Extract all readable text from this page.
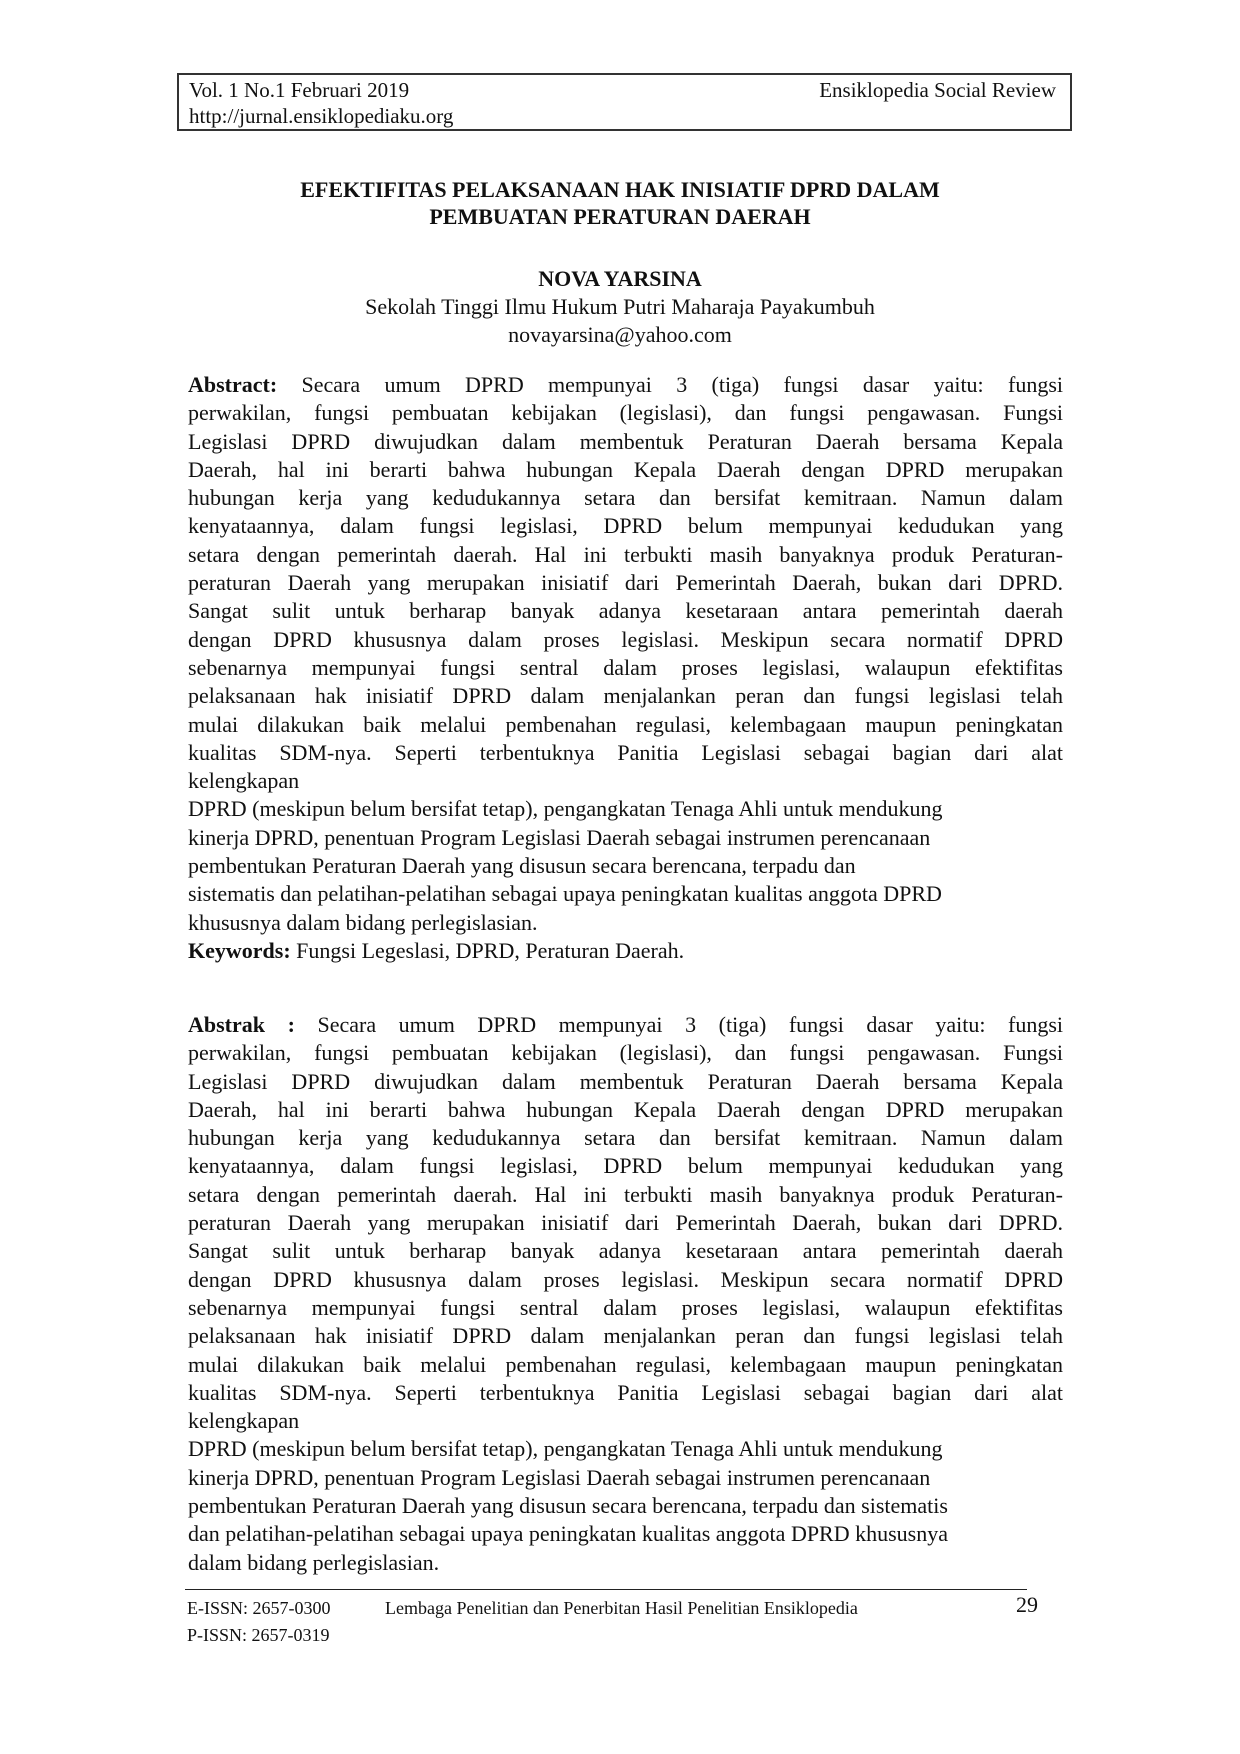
Vol. 1 No.1 Februari 2019
http://jurnal.ensiklopediaku.org
Ensiklopedia Social Review
EFEKTIFITAS PELAKSANAAN HAK INISIATIF DPRD DALAM
PEMBUATAN PERATURAN DAERAH
NOVA YARSINA
Sekolah Tinggi Ilmu Hukum Putri Maharaja Payakumbuh
novayarsina@yahoo.com
Abstract: Secara umum DPRD mempunyai 3 (tiga) fungsi dasar yaitu: fungsi
perwakilan, fungsi pembuatan kebijakan (legislasi), dan fungsi pengawasan. Fungsi
Legislasi DPRD diwujudkan dalam membentuk Peraturan Daerah bersama Kepala
Daerah, hal ini berarti bahwa hubungan Kepala Daerah dengan DPRD merupakan
hubungan kerja yang kedudukannya setara dan bersifat kemitraan. Namun dalam
kenyataannya, dalam fungsi legislasi, DPRD belum mempunyai kedudukan yang
setara dengan pemerintah daerah. Hal ini terbukti masih banyaknya produk Peraturan-
peraturan Daerah yang merupakan inisiatif dari Pemerintah Daerah, bukan dari DPRD.
Sangat sulit untuk berharap banyak adanya kesetaraan antara pemerintah daerah
dengan DPRD khususnya dalam proses legislasi. Meskipun secara normatif DPRD
sebenarnya mempunyai fungsi sentral dalam proses legislasi, walaupun efektifitas
pelaksanaan hak inisiatif DPRD dalam menjalankan peran dan fungsi legislasi telah
mulai dilakukan baik melalui pembenahan regulasi, kelembagaan maupun peningkatan
kualitas SDM-nya. Seperti terbentuknya Panitia Legislasi sebagai bagian dari alat
kelengkapan
DPRD (meskipun belum bersifat tetap), pengangkatan Tenaga Ahli untuk mendukung
kinerja DPRD, penentuan Program Legislasi Daerah sebagai instrumen perencanaan
pembentukan Peraturan Daerah yang disusun secara berencana, terpadu dan
sistematis dan pelatihan-pelatihan sebagai upaya peningkatan kualitas anggota DPRD
khususnya dalam bidang perlegislasian.
Keywords: Fungsi Legeslasi, DPRD, Peraturan Daerah.
Abstrak : Secara umum DPRD mempunyai 3 (tiga) fungsi dasar yaitu: fungsi
perwakilan, fungsi pembuatan kebijakan (legislasi), dan fungsi pengawasan. Fungsi
Legislasi DPRD diwujudkan dalam membentuk Peraturan Daerah bersama Kepala
Daerah, hal ini berarti bahwa hubungan Kepala Daerah dengan DPRD merupakan
hubungan kerja yang kedudukannya setara dan bersifat kemitraan. Namun dalam
kenyataannya, dalam fungsi legislasi, DPRD belum mempunyai kedudukan yang
setara dengan pemerintah daerah. Hal ini terbukti masih banyaknya produk Peraturan-
peraturan Daerah yang merupakan inisiatif dari Pemerintah Daerah, bukan dari DPRD.
Sangat sulit untuk berharap banyak adanya kesetaraan antara pemerintah daerah
dengan DPRD khususnya dalam proses legislasi. Meskipun secara normatif DPRD
sebenarnya mempunyai fungsi sentral dalam proses legislasi, walaupun efektifitas
pelaksanaan hak inisiatif DPRD dalam menjalankan peran dan fungsi legislasi telah
mulai dilakukan baik melalui pembenahan regulasi, kelembagaan maupun peningkatan
kualitas SDM-nya. Seperti terbentuknya Panitia Legislasi sebagai bagian dari alat
kelengkapan
DPRD (meskipun belum bersifat tetap), pengangkatan Tenaga Ahli untuk mendukung
kinerja DPRD, penentuan Program Legislasi Daerah sebagai instrumen perencanaan
pembentukan Peraturan Daerah yang disusun secara berencana, terpadu dan sistematis
dan pelatihan-pelatihan sebagai upaya peningkatan kualitas anggota DPRD khususnya
dalam bidang perlegislasian.
E-ISSN: 2657-0300
P-ISSN: 2657-0319
Lembaga Penelitian dan Penerbitan Hasil Penelitian Ensiklopedia	29
